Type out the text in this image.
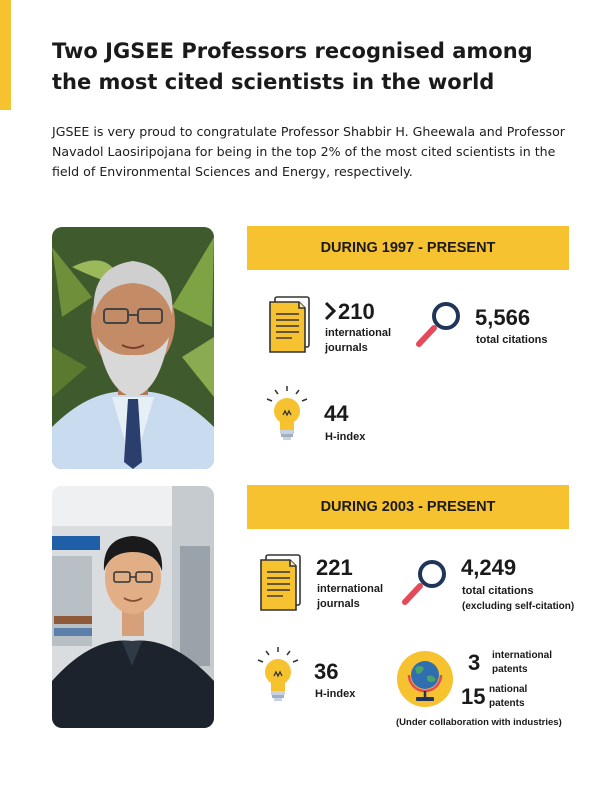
Two JGSEE Professors recognised among the most cited scientists in the world

JGSEE is very proud to congratulate Professor Shabbir H. Gheewala and Professor Navadol Laosiripojana for being in the top 2% of the most cited scientists in the field of Environmental Sciences and Energy, respectively.

DURING 1997 - PRESENT
210
international journals
5,566
total citations
44
H-index
DURING 2003 - PRESENT
221
international journals
4,249
total citations
(excluding self-citation)
36
H-index
3 international patents
15 national patents
(Under collaboration with industries)
